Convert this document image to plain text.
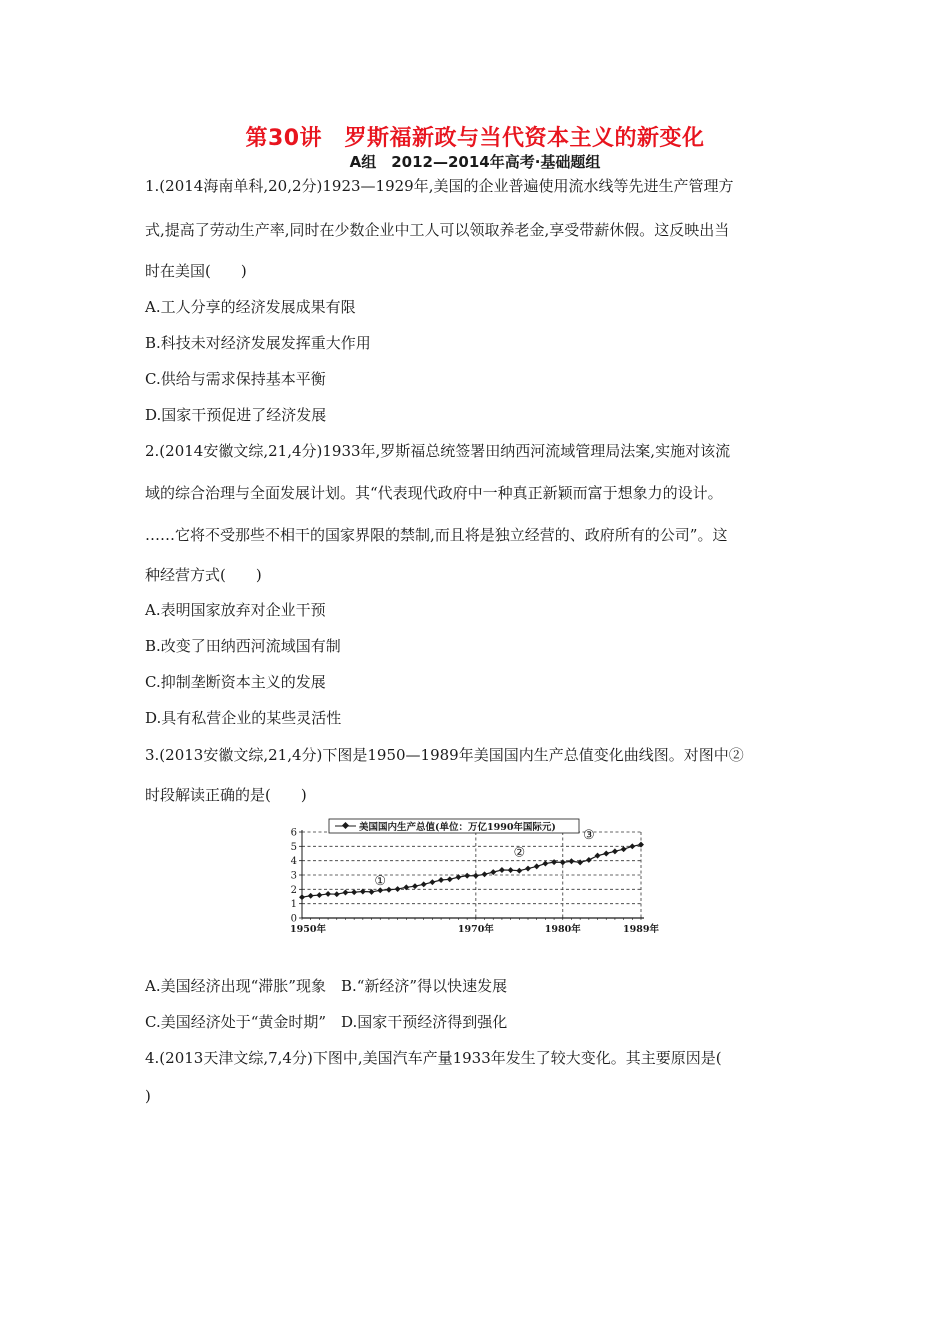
第30讲　罗斯福新政与当代资本主义的新变化
A组　2012—2014年高考·基础题组
1.(2014海南单科,20,2分)1923—1929年,美国的企业普遍使用流水线等先进生产管理方
式,提高了劳动生产率,同时在少数企业中工人可以领取养老金,享受带薪休假。这反映出当
时在美国(　　)
A.工人分享的经济发展成果有限
B.科技未对经济发展发挥重大作用
C.供给与需求保持基本平衡
D.国家干预促进了经济发展
2.(2014安徽文综,21,4分)1933年,罗斯福总统签署田纳西河流域管理局法案,实施对该流
域的综合治理与全面发展计划。其“代表现代政府中一种真正新颖而富于想象力的设计。
……它将不受那些不相干的国家界限的禁制,而且将是独立经营的、政府所有的公司”。这
种经营方式(　　)
A.表明国家放弃对企业干预
B.改变了田纳西河流域国有制
C.抑制垄断资本主义的发展
D.具有私营企业的某些灵活性
3.(2013安徽文综,21,4分)下图是1950—1989年美国国内生产总值变化曲线图。对图中②
时段解读正确的是(　　)
0
1
2
3
4
5
6
1950年	1970年	1980年	1989年
美国国内生产总值(单位：万亿1990年国际元)
①
②
③
A.美国经济出现“滞胀”现象　B.“新经济”得以快速发展
C.美国经济处于“黄金时期”　D.国家干预经济得到强化
4.(2013天津文综,7,4分)下图中,美国汽车产量1933年发生了较大变化。其主要原因是(
)
